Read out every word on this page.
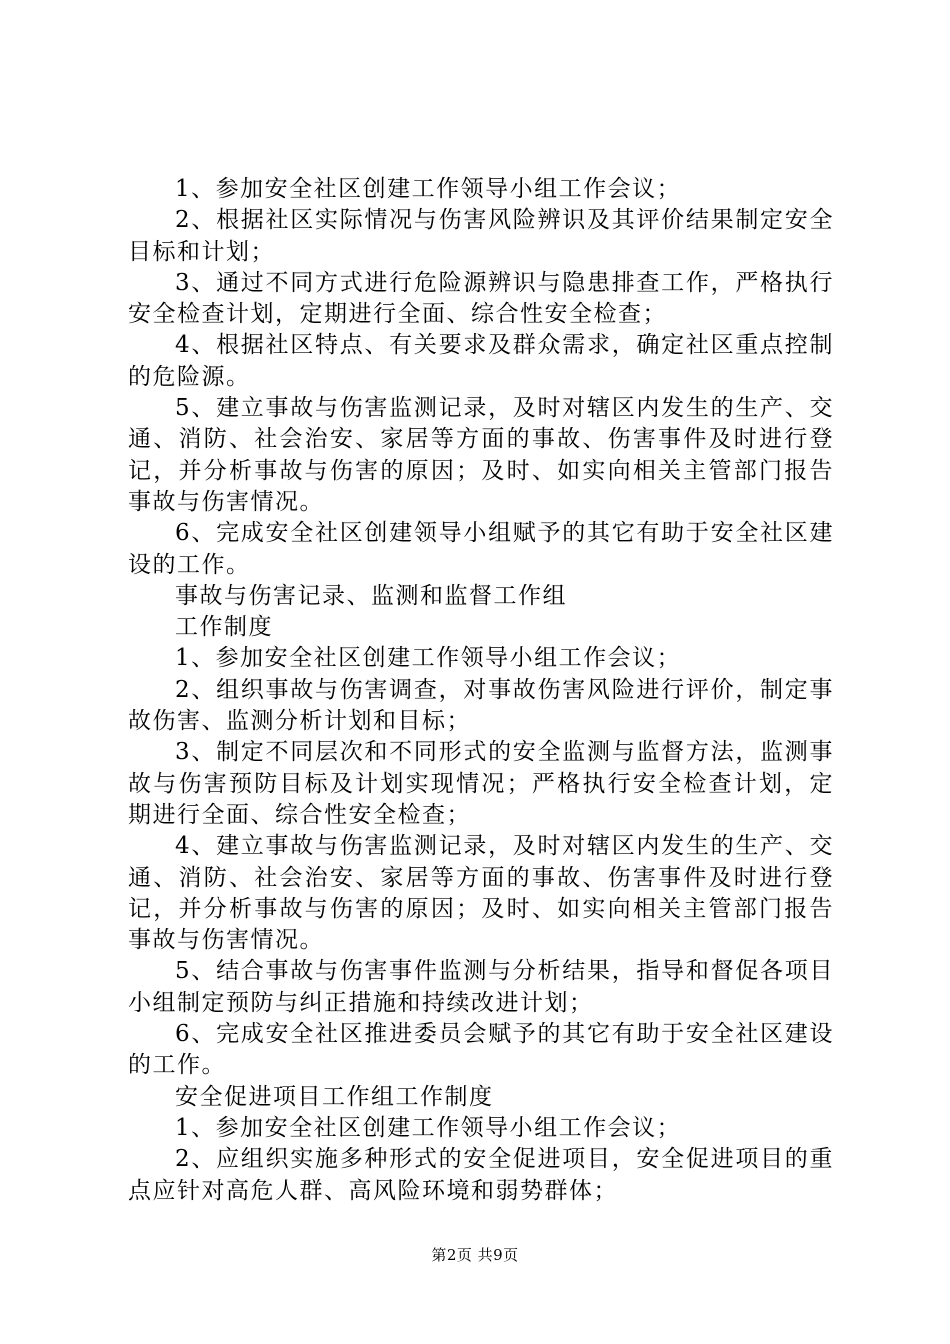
1、参加安全社区创建工作领导小组工作会议；

2、根据社区实际情况与伤害风险辨识及其评价结果制定安全目标和计划；

3、通过不同方式进行危险源辨识与隐患排查工作，严格执行安全检查计划，定期进行全面、综合性安全检查；

4、根据社区特点、有关要求及群众需求，确定社区重点控制的危险源。

5、建立事故与伤害监测记录，及时对辖区内发生的生产、交通、消防、社会治安、家居等方面的事故、伤害事件及时进行登记，并分析事故与伤害的原因；及时、如实向相关主管部门报告事故与伤害情况。

6、完成安全社区创建领导小组赋予的其它有助于安全社区建设的工作。

事故与伤害记录、监测和监督工作组

工作制度

1、参加安全社区创建工作领导小组工作会议；

2、组织事故与伤害调查，对事故伤害风险进行评价，制定事故伤害、监测分析计划和目标；

3、制定不同层次和不同形式的安全监测与监督方法，监测事故与伤害预防目标及计划实现情况；严格执行安全检查计划，定期进行全面、综合性安全检查；

4、建立事故与伤害监测记录，及时对辖区内发生的生产、交通、消防、社会治安、家居等方面的事故、伤害事件及时进行登记，并分析事故与伤害的原因；及时、如实向相关主管部门报告事故与伤害情况。

5、结合事故与伤害事件监测与分析结果，指导和督促各项目小组制定预防与纠正措施和持续改进计划；

6、完成安全社区推进委员会赋予的其它有助于安全社区建设的工作。

安全促进项目工作组工作制度

1、参加安全社区创建工作领导小组工作会议；

2、应组织实施多种形式的安全促进项目，安全促进项目的重点应针对高危人群、高风险环境和弱势群体；

第2页 共9页
